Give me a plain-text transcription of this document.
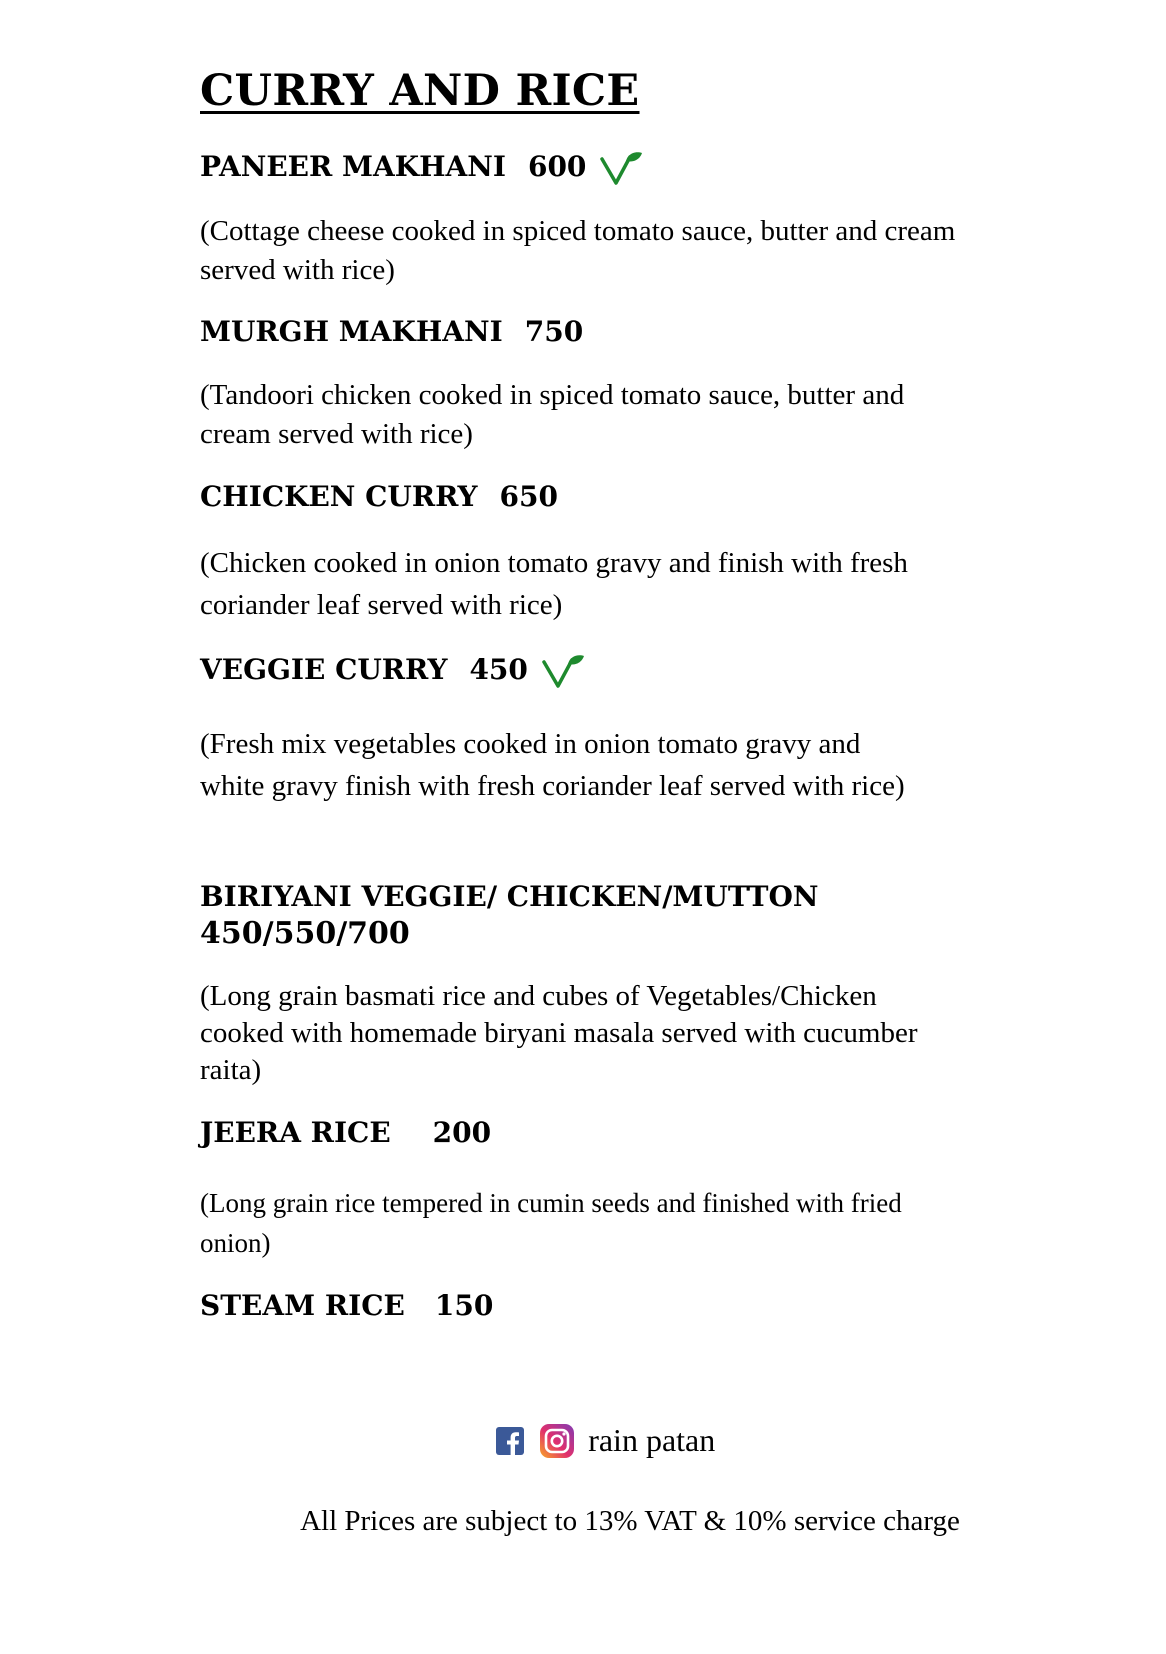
CURRY AND RICE

PANEER MAKHANI 600

(Cottage cheese cooked in spiced tomato sauce, butter and cream served with rice)

MURGH MAKHANI 750

(Tandoori chicken cooked in spiced tomato sauce, butter and cream served with rice)

CHICKEN CURRY 650

(Chicken cooked in onion tomato gravy and finish with fresh coriander leaf served with rice)

VEGGIE CURRY 450

(Fresh mix vegetables cooked in onion tomato gravy and white gravy finish with fresh coriander leaf served with rice)

BIRIYANI VEGGIE/ CHICKEN/MUTTON
450/550/700

(Long grain basmati rice and cubes of Vegetables/Chicken cooked with homemade biryani masala served with cucumber raita)

JEERA RICE 200

(Long grain rice tempered in cumin seeds and finished with fried onion)

STEAM RICE 150

rain patan

All Prices are subject to 13% VAT & 10% service charge
